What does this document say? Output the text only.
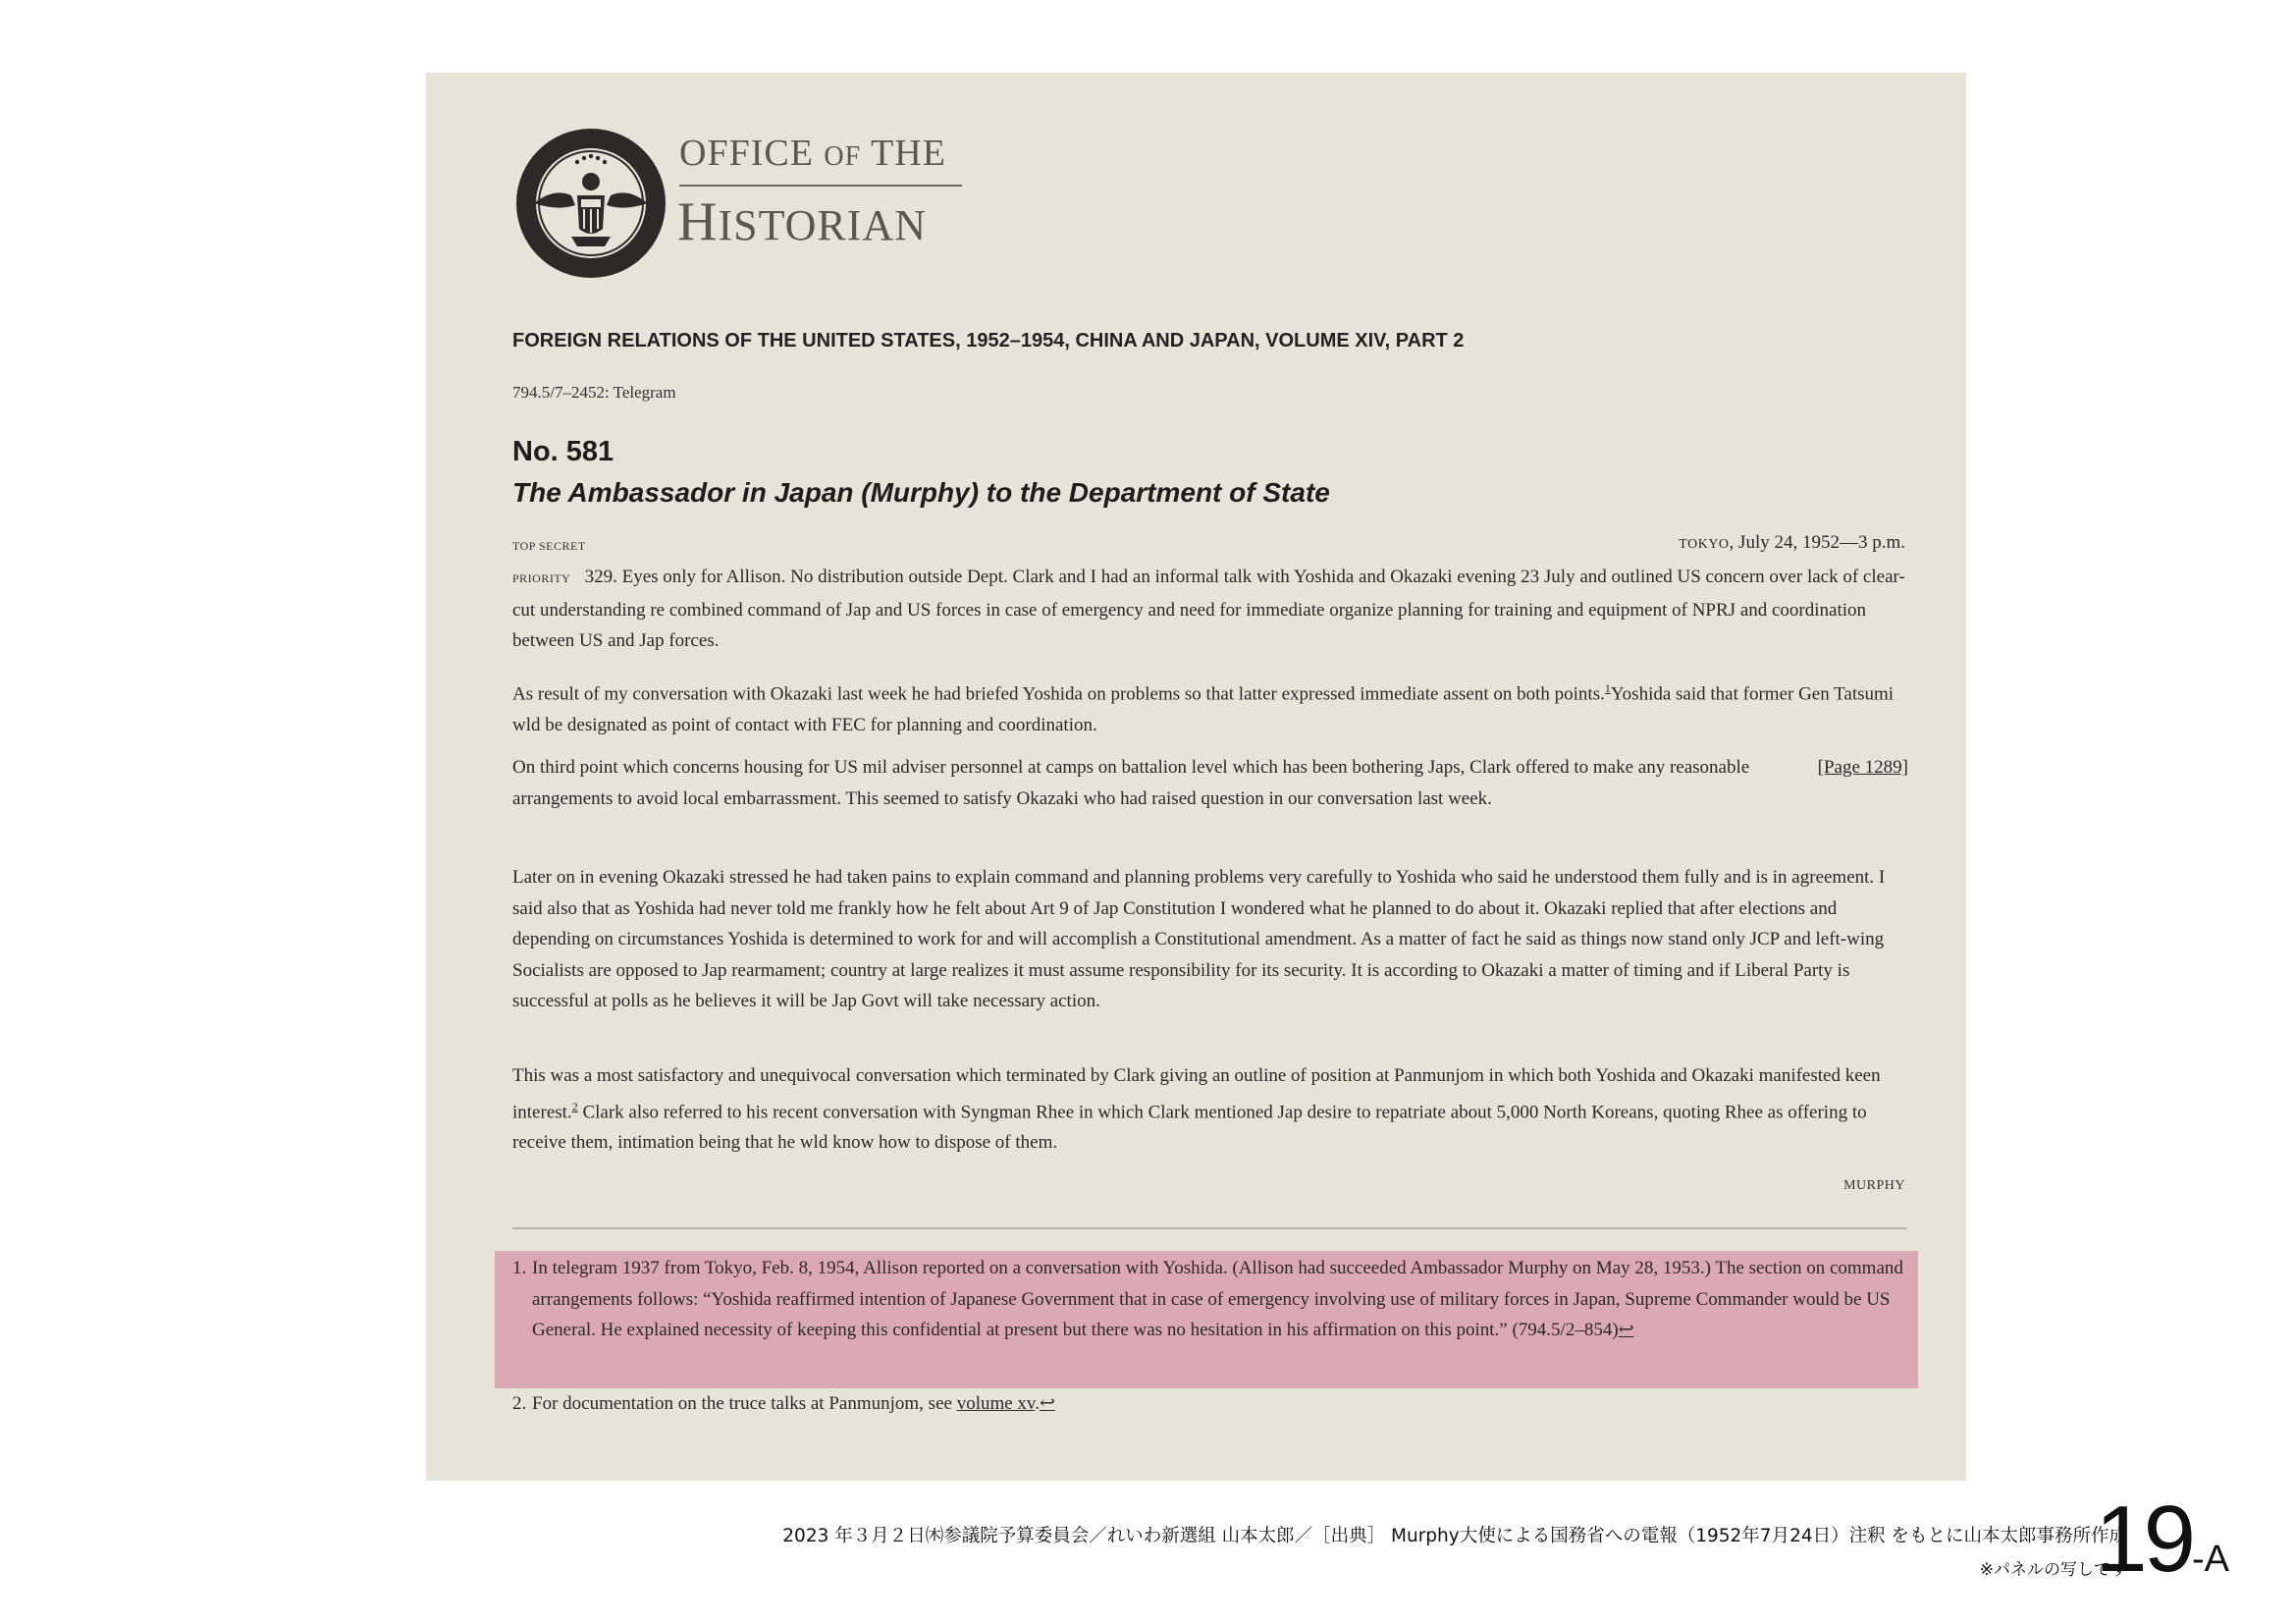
OFFICE OF THE
HISTORIAN
FOREIGN RELATIONS OF THE UNITED STATES, 1952–1954, CHINA AND JAPAN, VOLUME XIV, PART 2
794.5/7–2452: Telegram
No. 581
The Ambassador in Japan (Murphy) to the Department of State
TOP SECRET	TOKYO, July 24, 1952—3 p.m.
PRIORITY 329. Eyes only for Allison. No distribution outside Dept. Clark and I had an informal talk with Yoshida and Okazaki evening 23 July and outlined US concern over lack of clear-cut understanding re combined command of Jap and US forces in case of emergency and need for immediate organize planning for training and equipment of NPRJ and coordination between US and Jap forces.
As result of my conversation with Okazaki last week he had briefed Yoshida on problems so that latter expressed immediate assent on both points.$^1$Yoshida said that former Gen Tatsumi wld be designated as point of contact with FEC for planning and coordination.
[Page 1289]
On third point which concerns housing for US mil adviser personnel at camps on battalion level which has been bothering Japs, Clark offered to make any reasonable arrangements to avoid local embarrassment. This seemed to satisfy Okazaki who had raised question in our conversation last week.
Later on in evening Okazaki stressed he had taken pains to explain command and planning problems very carefully to Yoshida who said he understood them fully and is in agreement. I said also that as Yoshida had never told me frankly how he felt about Art 9 of Jap Constitution I wondered what he planned to do about it. Okazaki replied that after elections and depending on circumstances Yoshida is determined to work for and will accomplish a Constitutional amendment. As a matter of fact he said as things now stand only JCP and left-wing Socialists are opposed to Jap rearmament; country at large realizes it must assume responsibility for its security. It is according to Okazaki a matter of timing and if Liberal Party is successful at polls as he believes it will be Jap Govt will take necessary action.
This was a most satisfactory and unequivocal conversation which terminated by Clark giving an outline of position at Panmunjom in which both Yoshida and Okazaki manifested keen interest.$^2$ Clark also referred to his recent conversation with Syngman Rhee in which Clark mentioned Jap desire to repatriate about 5,000 North Koreans, quoting Rhee as offering to receive them, intimation being that he wld know how to dispose of them.
MURPHY
1. In telegram 1937 from Tokyo, Feb. 8, 1954, Allison reported on a conversation with Yoshida. (Allison had succeeded Ambassador Murphy on May 28, 1953.) The section on command arrangements follows: “Yoshida reaffirmed intention of Japanese Government that in case of emergency involving use of military forces in Japan, Supreme Commander would be US General. He explained necessity of keeping this confidential at present but there was no hesitation in his affirmation on this point.” (794.5/2–854)↩
2. For documentation on the truce talks at Panmunjom, see volume xv.↩
2023 年３月２日㈭参議院予算委員会／れいわ新選組 山本太郎／［出典］ Murphy大使による国務省への電報（1952年7月24日）注釈 をもとに山本太郎事務所作成
※パネルの写しです
19-A
